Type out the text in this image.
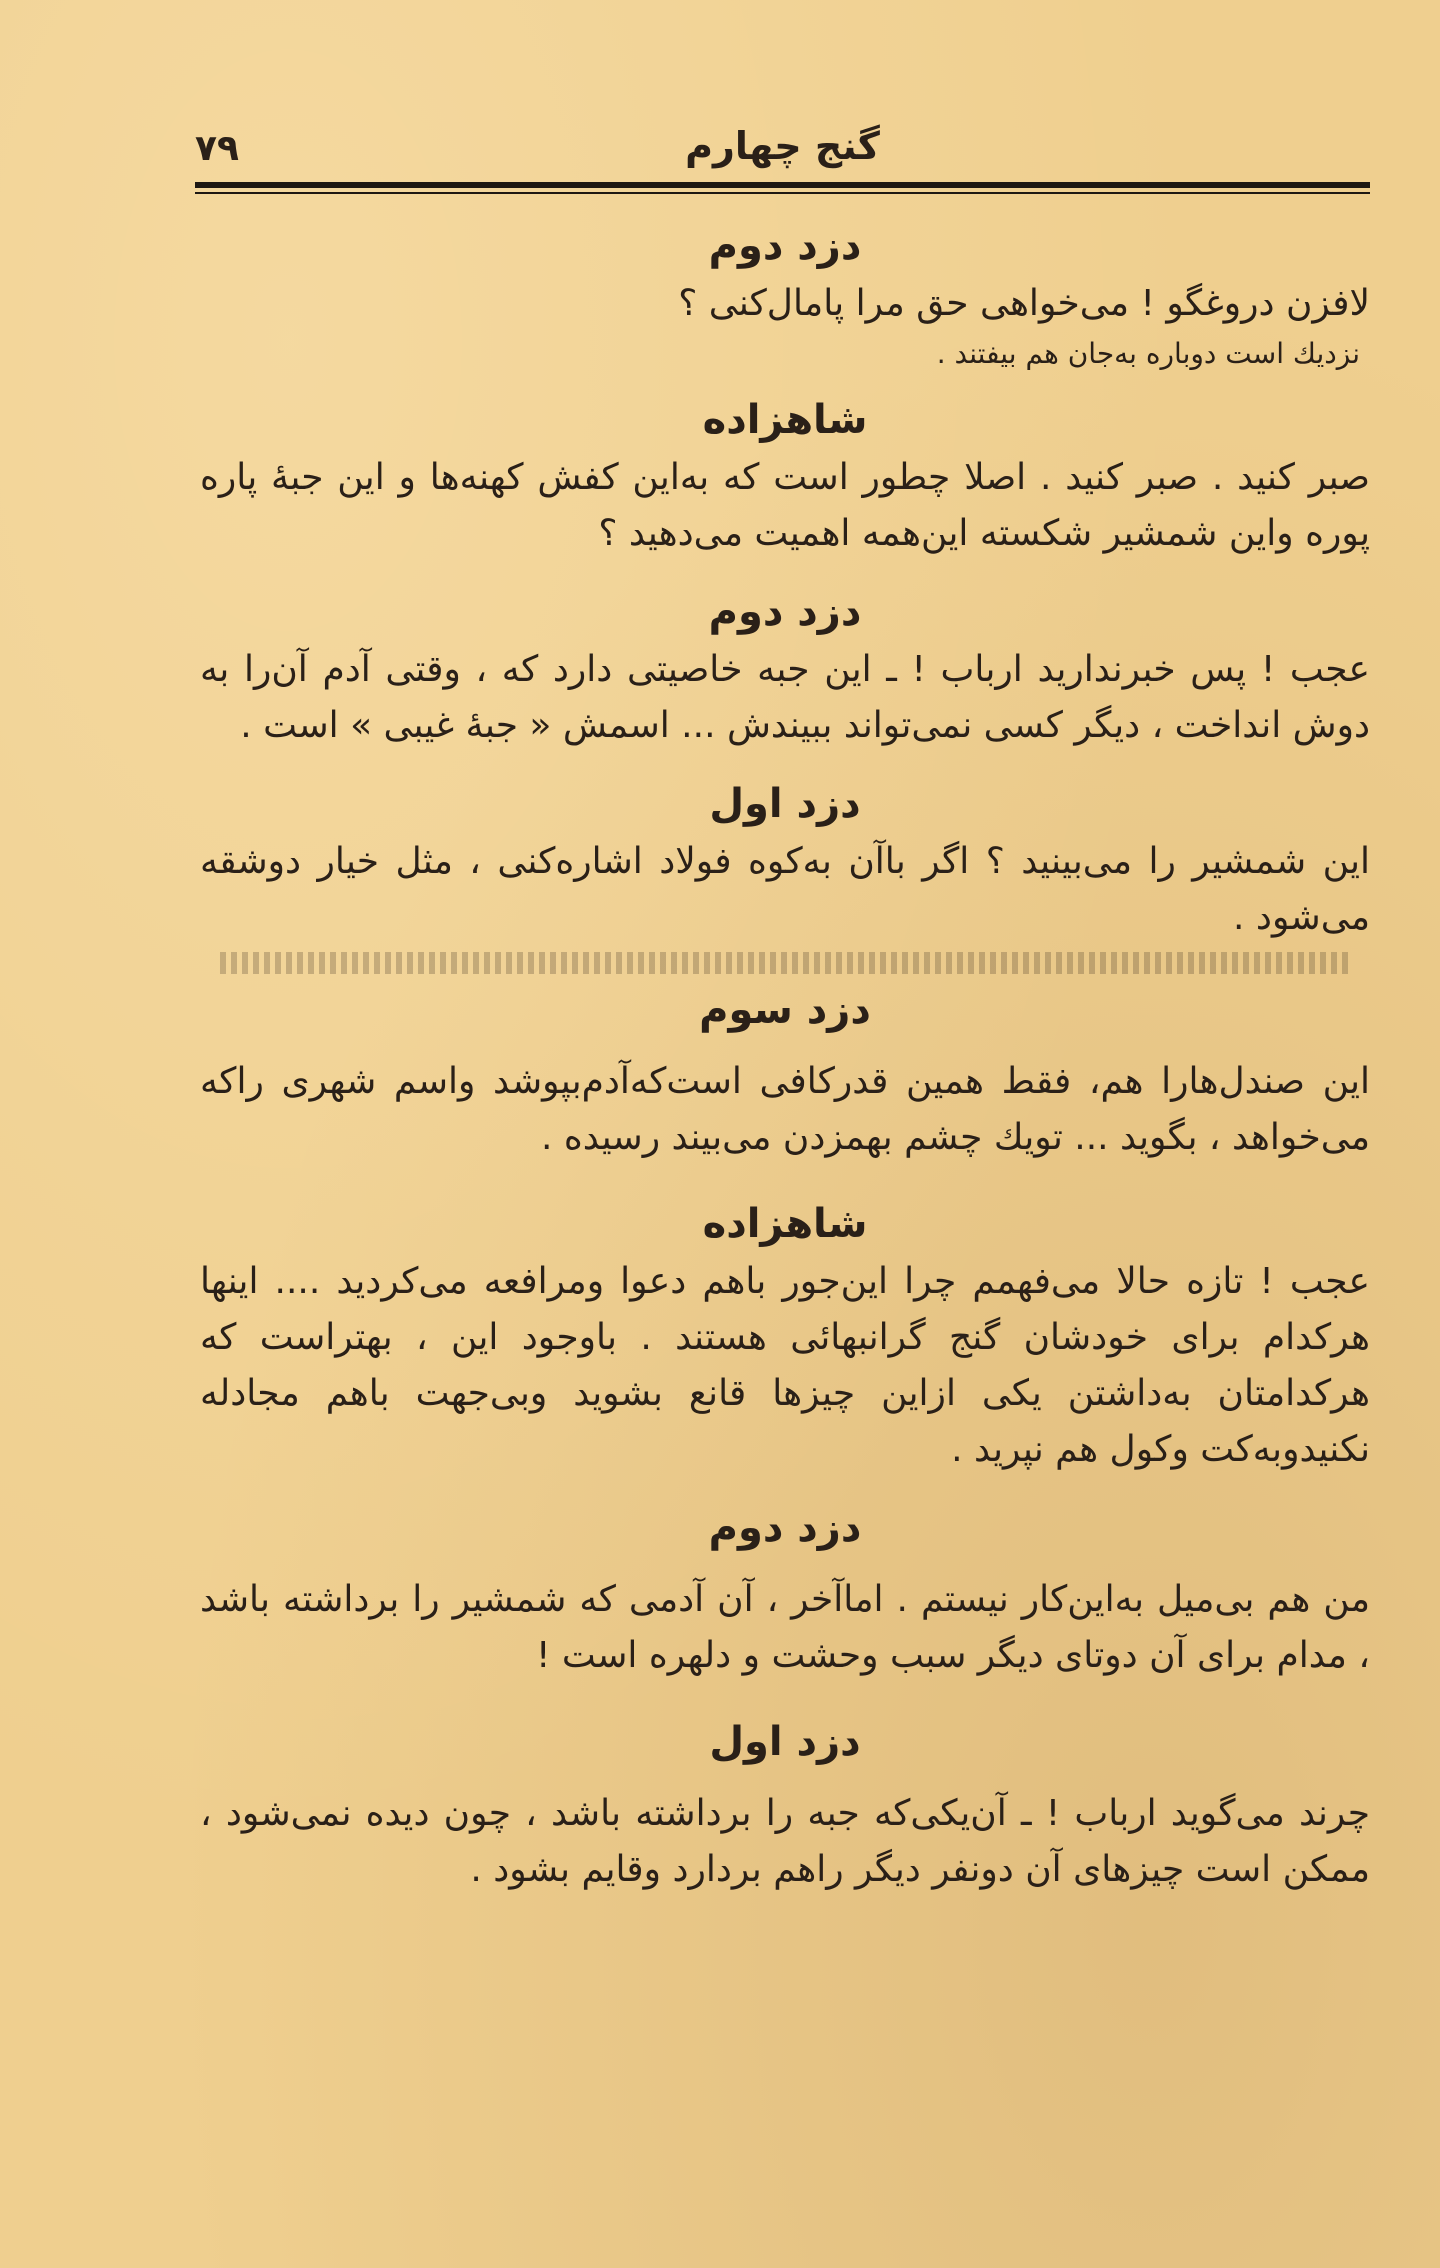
۷۹	گنج چهارم
دزد دوم

لافزن دروغگو ! می‌خواهی حق مرا پامال‌کنی ؟

نزدیك است دوباره به‌جان هم بیفتند .
شاهزاده

صبر کنید . صبر کنید . اصلا چطور است که به‌این کفش کهنه‌ها و این جبهٔ پاره پوره واین شمشیر شکسته این‌همه اهمیت می‌دهید ؟

دزد دوم

عجب ! پس خبرندارید ارباب ! ـ این جبه خاصیتی دارد که ، وقتی آدم آن‌را به دوش انداخت ، دیگر کسی نمی‌تواند ببیندش ... اسمش « جبهٔ غیبی » است .

دزد اول

این شمشیر را می‌بینید ؟ اگر باآن به‌کوه فولاد اشاره‌کنی ، مثل خیار دوشقه می‌شود .

دزد سوم

این صندل‌هارا هم، فقط همین قدرکافی است‌که‌آدم‌بپوشد واسم شهری راکه می‌خواهد ، بگوید ... تویك چشم بهمزدن می‌بیند رسیده .

شاهزاده

عجب ! تازه حالا می‌فهمم چرا این‌جور باهم دعوا ومرافعه می‌کردید .... اینها هرکدام برای خودشان گنج گرانبهائی هستند . باوجود این ، بهتراست که هرکدامتان به‌داشتن یکی ازاین چیزها قانع بشوید وبی‌جهت باهم مجادله نکنیدوبه‌کت وکول هم نپرید .

دزد دوم

من هم بی‌میل به‌این‌کار نیستم . اماآخر ، آن آدمی که شمشیر را برداشته باشد ، مدام برای آن دوتای دیگر سبب وحشت و دلهره است !

دزد اول

چرند می‌گوید ارباب ! ـ آن‌یکی‌که جبه را برداشته باشد ، چون دیده نمی‌شود ، ممکن است چیزهای آن دونفر دیگر راهم بردارد وقایم بشود .
